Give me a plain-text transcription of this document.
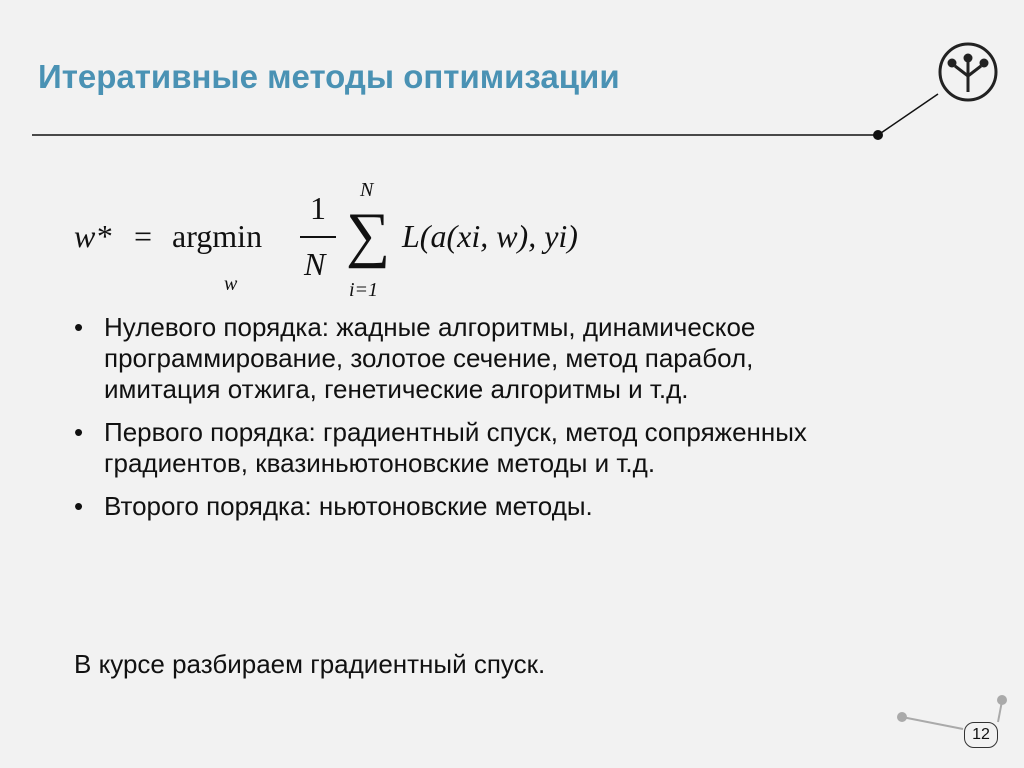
Итеративные методы оптимизации
w* = argmin
w
1
N
N
∑
i=1
L(a(xi, w), yi)
• Нулевого порядка: жадные алгоритмы, динамическое программирование, золотое сечение, метод парабол, имитация отжига, генетические алгоритмы и т.д.
• Первого порядка: градиентный спуск, метод сопряженных градиентов, квазиньютоновские методы и т.д.
• Второго порядка: ньютоновские методы.
В курсе разбираем градиентный спуск.
12
